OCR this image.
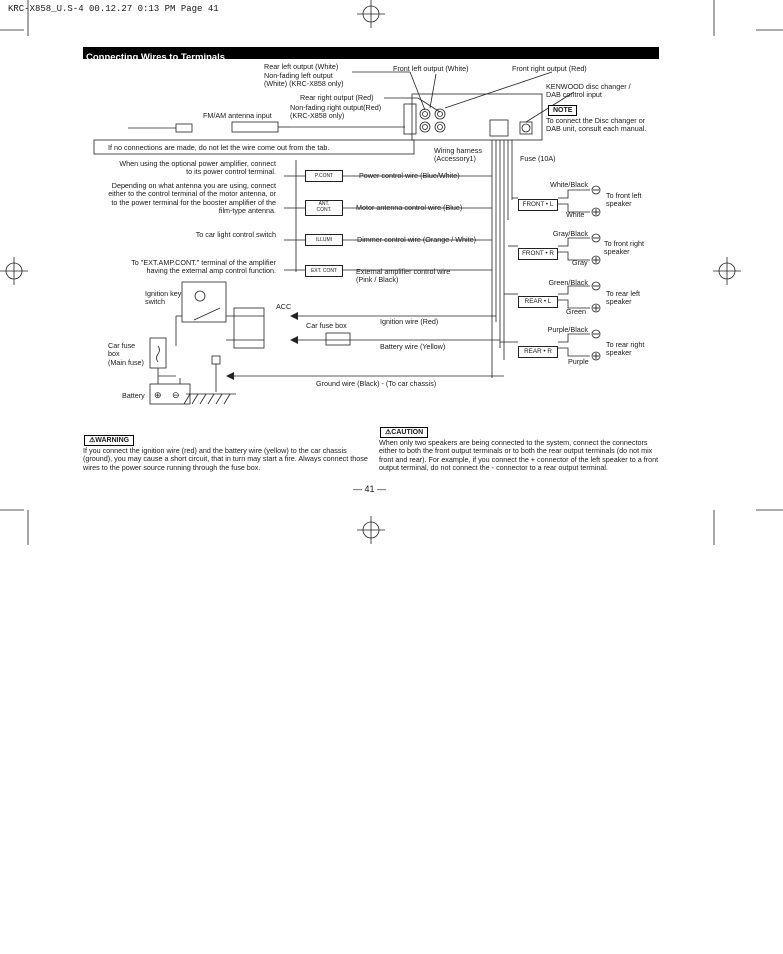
KRC-X858_U.S-4 00.12.27 0:13 PM Page 41
⊕ ⊖
Connecting Wires to Terminals
Rear left output (White)
Non-fading left output
(White) (KRC-X858 only)
Rear right output (Red)
Non-fading right output(Red)
(KRC-X858 only)
Front left output (White)	Front right output (Red)
KENWOOD disc changer /
DAB control input
FM/AM antenna input
NOTE
To connect the Disc changer or
DAB unit, consult each manual.
If no connections are made, do not let the wire come out from the tab.	Wiring harness
(Accessory1)	Fuse (10A)
When using the optional power amplifier, connect
to its power control terminal.
Depending on what antenna you are using, connect
either to the control terminal of the motor antenna, or
to the power terminal for the booster amplifier of the
film-type antenna.
To car light control switch
To "EXT.AMP.CONT." terminal of the amplifier
having the external amp control function.
P.CONT
ANT.
CONT.
ILLUMI
EXT. CONT
Power control wire (Blue/White)
Motor antenna control wire (Blue)
Dimmer control wire (Orange / White)
External amplifier control wire
(Pink / Black)
Ignition wire (Red)
Battery wire (Yellow)
Ground wire (Black) - (To car chassis)
Ignition key
switch
ACC
Car fuse box
Car fuse
box
(Main fuse)
Battery
White/Black
FRONT • L
White
To front left
speaker
Gray/Black
FRONT • R
Gray
To front right
speaker
Green/Black
REAR • L
Green
To rear left
speaker
Purple/Black
REAR • R
Purple
To rear right
speaker
⚠WARNING
If you connect the ignition wire (red) and the battery wire (yellow) to the car chassis (ground), you may cause a short circuit, that in turn may start a fire. Always connect those wires to the power source running through the fuse box.
⚠CAUTION
When only two speakers are being connected to the system, connect the connectors either to both the front output terminals or to both the rear output terminals (do not mix front and rear). For example, if you connect the + connector of the left speaker to a front output terminal, do not connect the - connector to a rear output terminal.
— 41 —
